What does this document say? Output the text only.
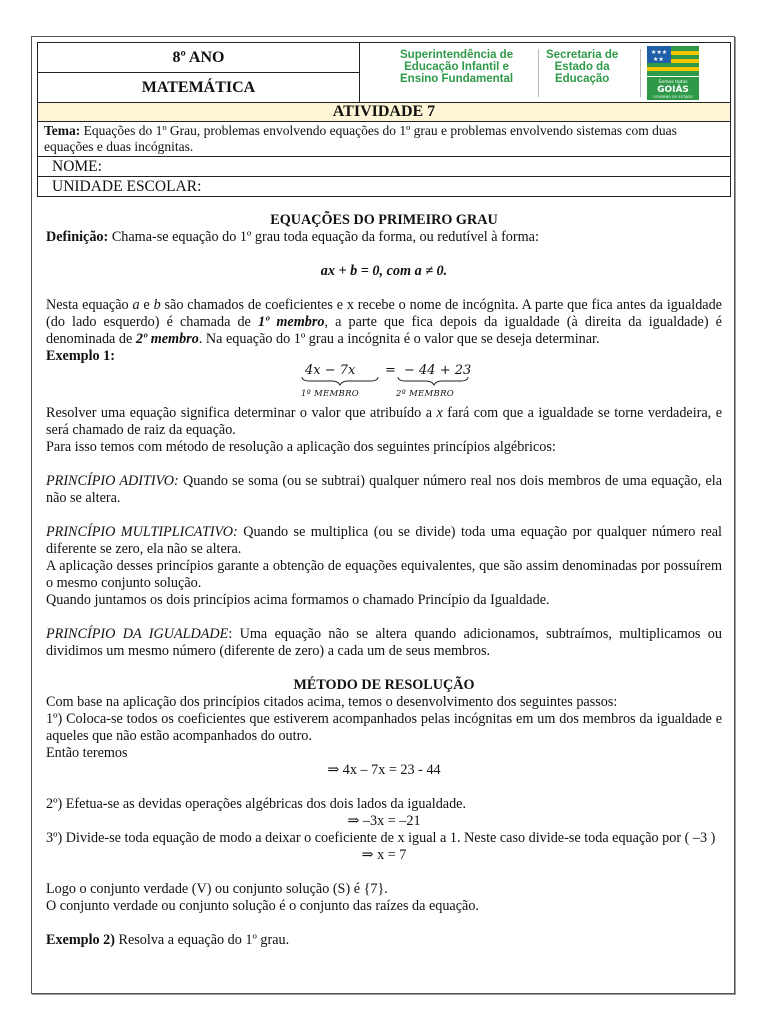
8º ANO	Superintendência de
Educação Infantil e
Ensino Fundamental
Secretaria de
Estado da
Educação
★★★
★★
Somos todos
GOIÁS
GOVERNO DO ESTADO

MATEMÁTICA
ATIVIDADE 7
Tema: Equações do 1º Grau, problemas envolvendo equações do 1º grau e problemas envolvendo sistemas com duas equações e duas incógnitas.
NOME:
UNIDADE ESCOLAR:

EQUAÇÕES DO PRIMEIRO GRAU

Definição: Chama-se equação do 1º grau toda equação da forma, ou redutível à forma:

ax + b = 0, com a ≠ 0.

Nesta equação a e b são chamados de coeficientes e x recebe o nome de incógnita. A parte que fica antes da igualdade (do lado esquerdo) é chamada de 1º membro, a parte que fica depois da igualdade (à direita da igualdade) é denominada de 2º membro. Na equação do 1º grau a incógnita é o valor que se deseja determinar.

Exemplo 1:

4x − 7x = − 44 + 23
1º MEMBRO	2º MEMBRO

Resolver uma equação significa determinar o valor que atribuído a x fará com que a igualdade se torne verdadeira, e será chamado de raiz da equação.

Para isso temos com método de resolução a aplicação dos seguintes princípios algébricos:

PRINCÍPIO ADITIVO: Quando se soma (ou se subtrai) qualquer número real nos dois membros de uma equação, ela não se altera.

PRINCÍPIO MULTIPLICATIVO: Quando se multiplica (ou se divide) toda uma equação por qualquer número real diferente se zero, ela não se altera.

A aplicação desses princípios garante a obtenção de equações equivalentes, que são assim denominadas por possuírem o mesmo conjunto solução.

Quando juntamos os dois princípios acima formamos o chamado Princípio da Igualdade.

PRINCÍPIO DA IGUALDADE: Uma equação não se altera quando adicionamos, subtraímos, multiplicamos ou dividimos um mesmo número (diferente de zero) a cada um de seus membros.

MÉTODO DE RESOLUÇÃO

Com base na aplicação dos princípios citados acima, temos o desenvolvimento dos seguintes passos:

1º) Coloca-se todos os coeficientes que estiverem acompanhados pelas incógnitas em um dos membros da igualdade e aqueles que não estão acompanhados do outro.

Então teremos

⇒ 4x – 7x = 23 - 44

2º) Efetua-se as devidas operações algébricas dos dois lados da igualdade.

⇒ –3x = –21

3º) Divide-se toda equação de modo a deixar o coeficiente de x igual a 1. Neste caso divide-se toda equação por ( –3 )

⇒ x = 7

Logo o conjunto verdade (V) ou conjunto solução (S) é {7}.

O conjunto verdade ou conjunto solução é o conjunto das raízes da equação.

Exemplo 2) Resolva a equação do 1º grau.
